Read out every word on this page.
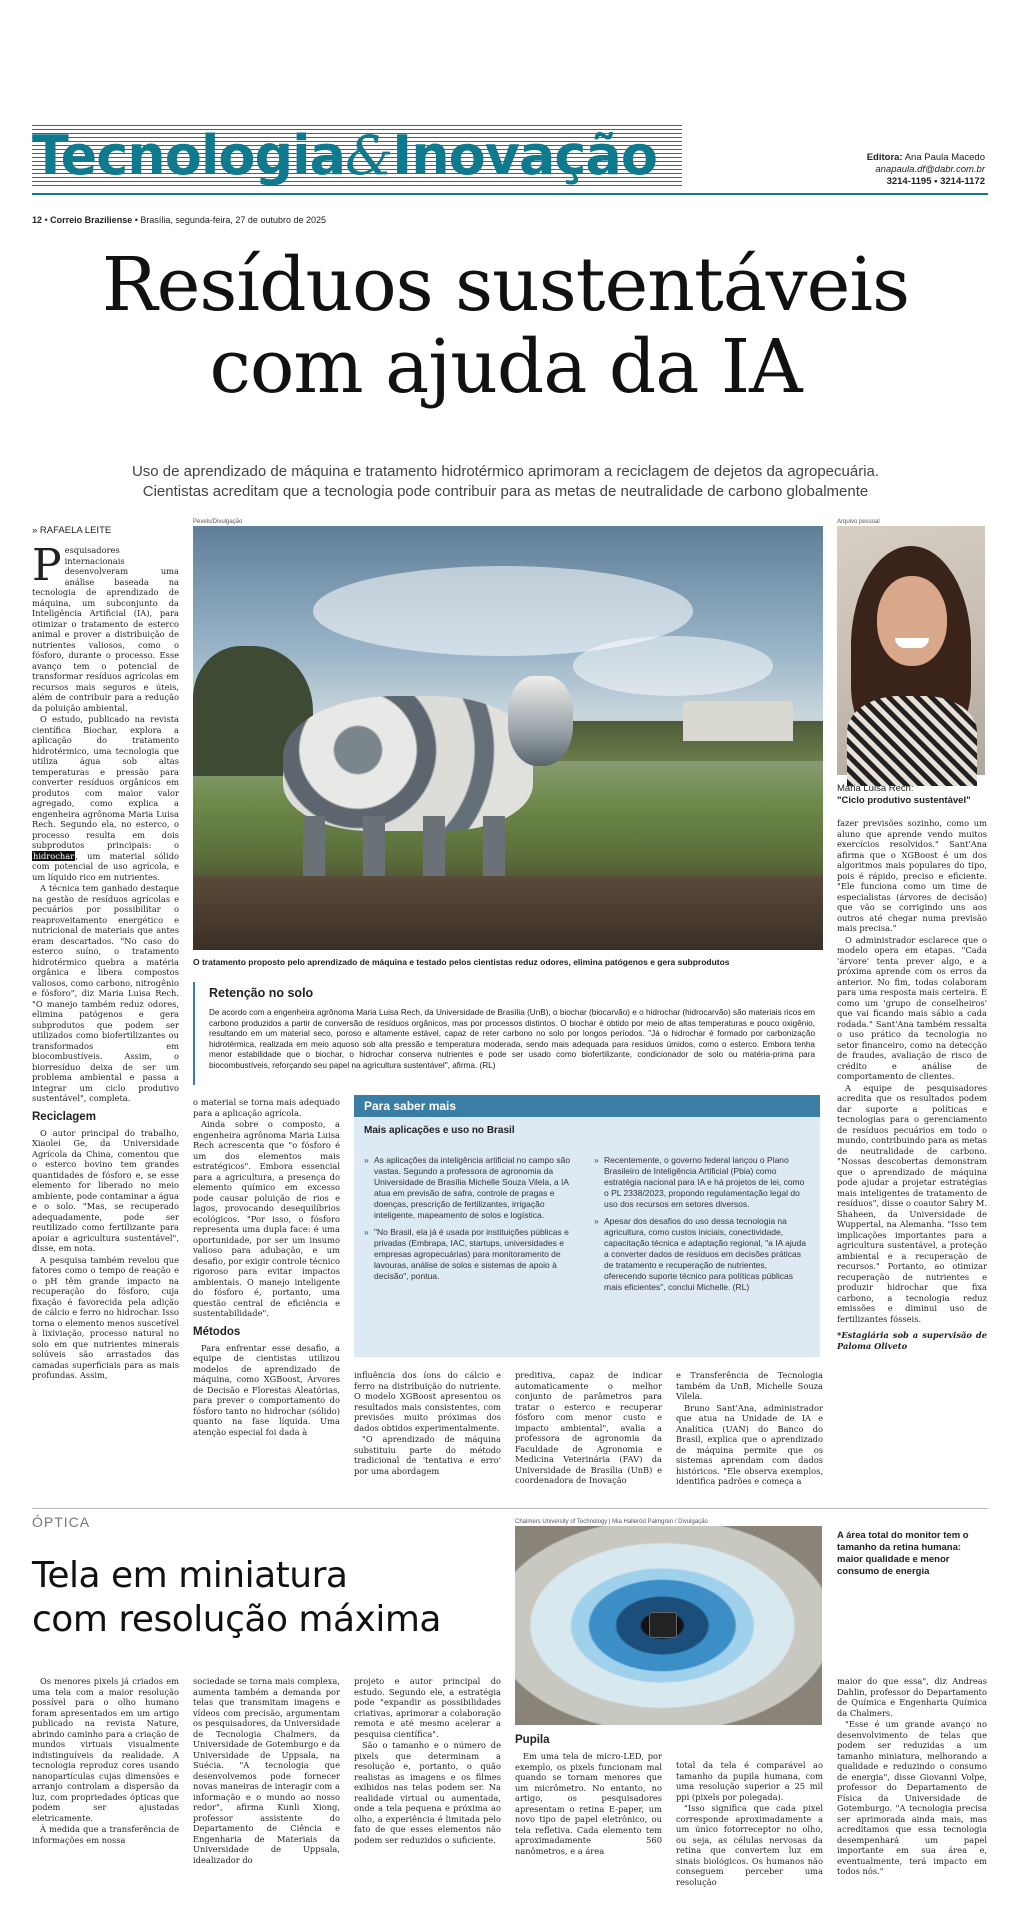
Tecnologia&Inovação	Editora: Ana Paula Macedo
anapaula.df@dabr.com.br
3214-1195 • 3214-1172
12 • Correio Braziliense • Brasília, segunda-feira, 27 de outubro de 2025
Resíduos sustentáveis
com ajuda da IA
Uso de aprendizado de máquina e tratamento hidrotérmico aprimoram a reciclagem de dejetos da agropecuária.
Cientistas acreditam que a tecnologia pode contribuir para as metas de neutralidade de carbono globalmente
» RAFAELA LEITE

Pesquisadores internacionais desenvolveram uma análise baseada na tecnologia de aprendizado de máquina, um subconjunto da Inteligência Artificial (IA), para otimizar o tratamento de esterco animal e prover a distribuição de nutrientes valiosos, como o fósforo, durante o processo. Esse avanço tem o potencial de transformar resíduos agrícolas em recursos mais seguros e úteis, além de contribuir para a redução da poluição ambiental.

O estudo, publicado na revista científica Biochar, explora a aplicação do tratamento hidrotérmico, uma tecnologia que utiliza água sob altas temperaturas e pressão para converter resíduos orgânicos em produtos com maior valor agregado, como explica a engenheira agrônoma Maria Luisa Rech. Segundo ela, no esterco, o processo resulta em dois subprodutos principais: o hidrochar, um material sólido com potencial de uso agrícola, e um líquido rico em nutrientes.

A técnica tem ganhado destaque na gestão de resíduos agrícolas e pecuários por possibilitar o reaproveitamento energético e nutricional de materiais que antes eram descartados. "No caso do esterco suíno, o tratamento hidrotérmico quebra a matéria orgânica e libera compostos valiosos, como carbono, nitrogênio e fósforo", diz Maria Luisa Rech. "O manejo também reduz odores, elimina patógenos e gera subprodutos que podem ser utilizados como biofertilizantes ou transformados em biocombustíveis. Assim, o biorresíduo deixa de ser um problema ambiental e passa a integrar um ciclo produtivo sustentável", completa.

Reciclagem

O autor principal do trabalho, Xiaolei Ge, da Universidade Agrícola da China, comentou que o esterco bovino tem grandes quantidades de fósforo e, se esse elemento for liberado no meio ambiente, pode contaminar a água e o solo. "Mas, se recuperado adequadamente, pode ser reutilizado como fertilizante para apoiar a agricultura sustentável", disse, em nota.

A pesquisa também revelou que fatores como o tempo de reação e o pH têm grande impacto na recuperação do fósforo, cuja fixação é favorecida pela adição de cálcio e ferro no hidrochar. Isso torna o elemento menos suscetível à lixiviação, processo natural no solo em que nutrientes minerais solúveis são arrastados das camadas superficiais para as mais profundas. Assim,

Pexels/Divulgação
O tratamento proposto pelo aprendizado de máquina e testado pelos cientistas reduz odores, elimina patógenos e gera subprodutos
Arquivo pessoal
Maria Luisa Rech:
"Ciclo produtivo sustentável"
Retenção no solo
De acordo com a engenheira agrônoma Maria Luisa Rech, da Universidade de Brasília (UnB), o biochar (biocarvão) e o hidrochar (hidrocarvão) são materiais ricos em carbono produzidos a partir de conversão de resíduos orgânicos, mas por processos distintos. O biochar é obtido por meio de altas temperaturas e pouco oxigênio, resultando em um material seco, poroso e altamente estável, capaz de reter carbono no solo por longos períodos. "Já o hidrochar é formado por carbonização hidrotérmica, realizada em meio aquoso sob alta pressão e temperatura moderada, sendo mais adequada para resíduos úmidos, como o esterco. Embora tenha menor estabilidade que o biochar, o hidrochar conserva nutrientes e pode ser usado como biofertilizante, condicionador de solo ou matéria-prima para biocombustíveis, reforçando seu papel na agricultura sustentável", afirma. (RL)

o material se torna mais adequado para a aplicação agrícola.

Ainda sobre o composto, a engenheira agrônoma Maria Luisa Rech acrescenta que "o fósforo é um dos elementos mais estratégicos". Embora essencial para a agricultura, a presença do elemento químico em excesso pode causar poluição de rios e lagos, provocando desequilíbrios ecológicos. "Por isso, o fósforo representa uma dupla face: é uma oportunidade, por ser um insumo valioso para adubação, e um desafio, por exigir controle técnico rigoroso para evitar impactos ambientais. O manejo inteligente do fósforo é, portanto, uma questão central de eficiência e sustentabilidade".

Métodos

Para enfrentar esse desafio, a equipe de cientistas utilizou modelos de aprendizado de máquina, como XGBoost, Árvores de Decisão e Florestas Aleatórias, para prever o comportamento do fósforo tanto no hidrochar (sólido) quanto na fase líquida. Uma atenção especial foi dada à

Para saber mais
Mais aplicações e uso no Brasil
» As aplicações da inteligência artificial no campo são vastas. Segundo a professora de agronomia da Universidade de Brasília Michelle Souza Vilela, a IA atua em previsão de safra, controle de pragas e doenças, prescrição de fertilizantes, irrigação inteligente, mapeamento de solos e logística.
» "No Brasil, ela já é usada por instituições públicas e privadas (Embrapa, IAC, startups, universidades e empresas agropecuárias) para monitoramento de lavouras, análise de solos e sistemas de apoio à decisão", pontua.
» Recentemente, o governo federal lançou o Plano Brasileiro de Inteligência Artificial (Pbia) como estratégia nacional para IA e há projetos de lei, como o PL 2338/2023, propondo regulamentação legal do uso dos recursos em setores diversos.
» Apesar dos desafios do uso dessa tecnologia na agricultura, como custos iniciais, conectividade, capacitação técnica e adaptação regional, "a IA ajuda a converter dados de resíduos em decisões práticas de tratamento e recuperação de nutrientes, oferecendo suporte técnico para políticas públicas mais eficientes", conclui Michelle. (RL)

influência dos íons do cálcio e ferro na distribuição do nutriente. O modelo XGBoost apresentou os resultados mais consistentes, com previsões muito próximas dos dados obtidos experimentalmente.

"O aprendizado de máquina substituiu parte do método tradicional de 'tentativa e erro' por uma abordagem

preditiva, capaz de indicar automaticamente o melhor conjunto de parâmetros para tratar o esterco e recuperar fósforo com menor custo e impacto ambiental", avalia a professora de agronomia da Faculdade de Agronomia e Medicina Veterinária (FAV) da Universidade de Brasília (UnB) e coordenadora de Inovação

e Transferência de Tecnologia também da UnB, Michelle Souza Vilela.

Bruno Sant'Ana, administrador que atua na Unidade de IA e Analítica (UAN) do Banco do Brasil, explica que o aprendizado de máquina permite que os sistemas aprendam com dados históricos. "Ele observa exemplos, identifica padrões e começa a

fazer previsões sozinho, como um aluno que aprende vendo muitos exercícios resolvidos." Sant'Ana afirma que o XGBoost é um dos algoritmos mais populares do tipo, pois é rápido, preciso e eficiente. "Ele funciona como um time de especialistas (árvores de decisão) que vão se corrigindo uns aos outros até chegar numa previsão mais precisa."

O administrador esclarece que o modelo opera em etapas. "Cada 'árvore' tenta prever algo, e a próxima aprende com os erros da anterior. No fim, todas colaboram para uma resposta mais certeira. É como um 'grupo de conselheiros' que vai ficando mais sábio a cada rodada." Sant'Ana também ressalta o uso prático da tecnologia no setor financeiro, como na detecção de fraudes, avaliação de risco de crédito e análise de comportamento de clientes.

A equipe de pesquisadores acredita que os resultados podem dar suporte a políticas e tecnologias para o gerenciamento de resíduos pecuários em todo o mundo, contribuindo para as metas de neutralidade de carbono. "Nossas descobertas demonstram que o aprendizado de máquina pode ajudar a projetar estratégias mais inteligentes de tratamento de resíduos", disse o coautor Sabry M. Shaheen, da Universidade de Wuppertal, na Alemanha. "Isso tem implicações importantes para a agricultura sustentável, a proteção ambiental e a recuperação de recursos." Portanto, ao otimizar recuperação de nutrientes e produzir hidrochar que fixa carbono, a tecnologia reduz emissões e diminui uso de fertilizantes fósseis.

*Estagiária sob a supervisão de Paloma Oliveto

ÓPTICA
Tela em miniatura
com resolução máxima
Chalmers University of Technology | Mia Halleröd Palmgren / Divulgação
A área total do monitor tem o tamanho da retina humana: maior qualidade e menor consumo de energia

Os menores pixels já criados em uma tela com a maior resolução possível para o olho humano foram apresentados em um artigo publicado na revista Nature, abrindo caminho para a criação de mundos virtuais visualmente indistinguíveis da realidade. A tecnologia reproduz cores usando nanopartículas cujas dimensões e arranjo controlam a dispersão da luz, com propriedades ópticas que podem ser ajustadas eletricamente.

À medida que a transferência de informações em nossa

sociedade se torna mais complexa, aumenta também a demanda por telas que transmitam imagens e vídeos com precisão, argumentam os pesquisadores, da Universidade de Tecnologia Chalmers, da Universidade de Gotemburgo e da Universidade de Uppsala, na Suécia. "A tecnologia que desenvolvemos pode fornecer novas maneiras de interagir com a informação e o mundo ao nosso redor", afirma Kunli Xiong, professor assistente do Departamento de Ciência e Engenharia de Materiais da Universidade de Uppsala, idealizador do

projeto e autor principal do estudo. Segundo ele, a estratégia pode "expandir as possibilidades criativas, aprimorar a colaboração remota e até mesmo acelerar a pesquisa científica".

São o tamanho e o número de pixels que determinam a resolução e, portanto, o quão realistas as imagens e os filmes exibidos nas telas podem ser. Na realidade virtual ou aumentada, onde a tela pequena e próxima ao olho, a experiência é limitada pelo fato de que esses elementos não podem ser reduzidos o suficiente.

Pupila

Em uma tela de micro-LED, por exemplo, os pixels funcionam mal quando se tornam menores que um micrômetro. No entanto, no artigo, os pesquisadores apresentam o retina E-paper, um novo tipo de papel eletrônico, ou tela refletiva. Cada elemento tem aproximadamente 560 nanômetros, e a área

total da tela é comparável ao tamanho da pupila humana, com uma resolução superior a 25 mil ppi (pixels por polegada).

"Isso significa que cada pixel corresponde aproximadamente a um único fotorreceptor no olho, ou seja, as células nervosas da retina que convertem luz em sinais biológicos. Os humanos não conseguem perceber uma resolução

maior do que essa", diz Andreas Dahlin, professor do Departamento de Química e Engenharia Química da Chalmers.

"Esse é um grande avanço no desenvolvimento de telas que podem ser reduzidas a um tamanho miniatura, melhorando a qualidade e reduzindo o consumo de energia", disse Giovanni Volpe, professor do Departamento de Física da Universidade de Gotemburgo. "A tecnologia precisa ser aprimorada ainda mais, mas acreditamos que essa tecnologia desempenhará um papel importante em sua área e, eventualmente, terá impacto em todos nós."
